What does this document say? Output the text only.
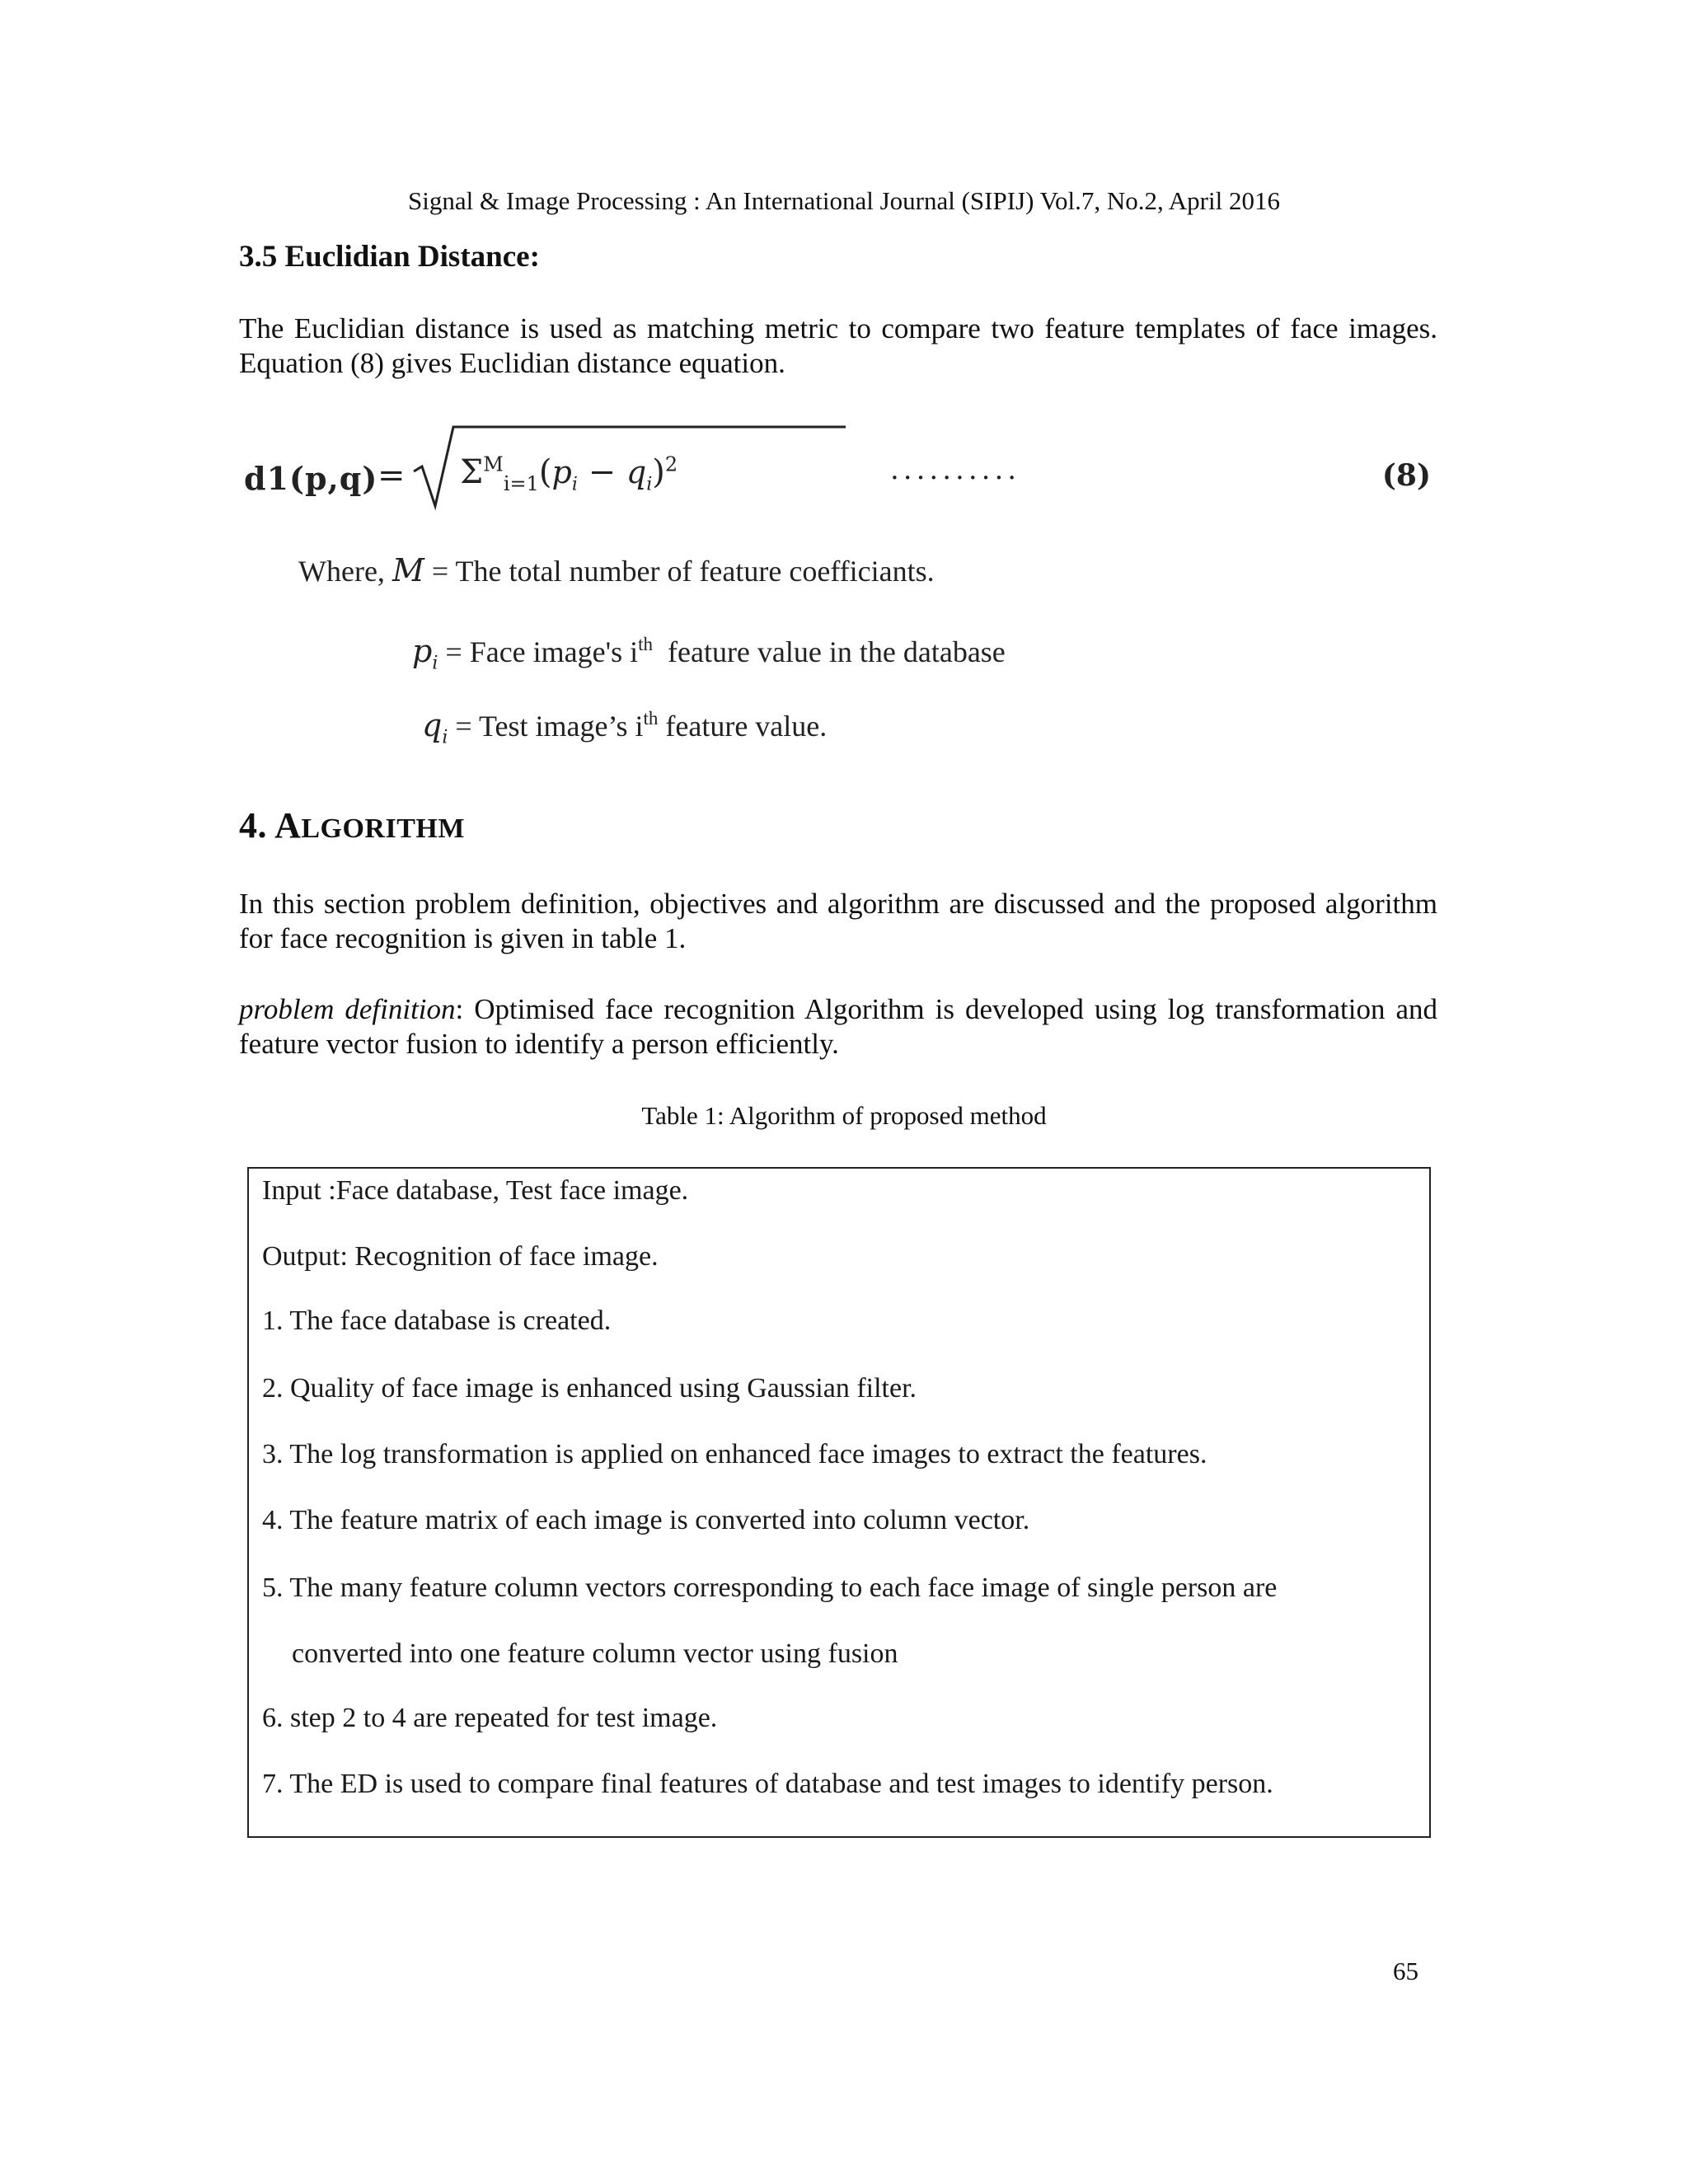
Signal & Image Processing : An International Journal (SIPIJ) Vol.7, No.2, April 2016
3.5 Euclidian Distance:
The Euclidian distance is used as matching metric to compare two feature templates of face images. Equation (8) gives Euclidian distance equation.
$d1(p,q) = \Sigma^M_{i=1}(p_i - q_i)^2$	..........	(8)
Where, M = The total number of feature coefficiants.
$p_i$ = Face image's $i^{th}$ feature value in the database
$q_i$ = Test image’s $i^{th}$ feature value.
4. ALGORITHM
In this section problem definition, objectives and algorithm are discussed and the proposed algorithm for face recognition is given in table 1.
problem definition: Optimised face recognition Algorithm is developed using log transformation and feature vector fusion to identify a person efficiently.
Table 1: Algorithm of proposed method
Input :Face database, Test face image.
Output: Recognition of face image.
1. The face database is created.
2. Quality of face image is enhanced using Gaussian filter.
3. The log transformation is applied on enhanced face images to extract the features.
4. The feature matrix of each image is converted into column vector.
5. The many feature column vectors corresponding to each face image of single person are
converted into one feature column vector using fusion
6. step 2 to 4 are repeated for test image.
7. The ED is used to compare final features of database and test images to identify person.
65
